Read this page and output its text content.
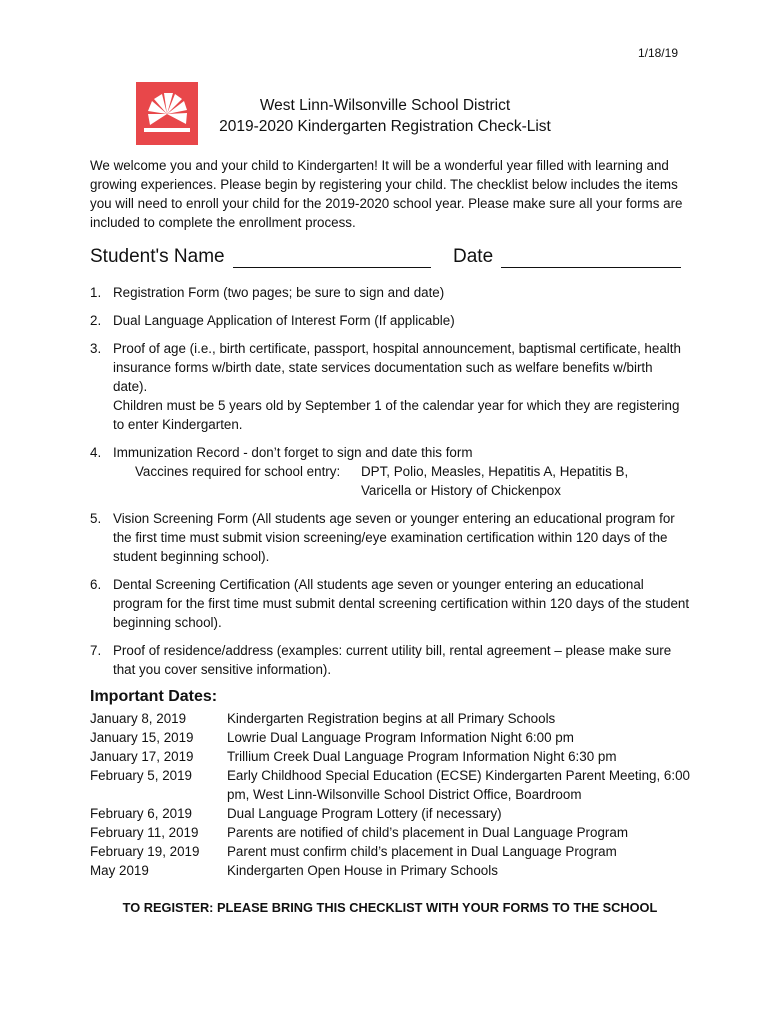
1/18/19
West Linn-Wilsonville School District
2019-2020 Kindergarten Registration Check-List
We welcome you and your child to Kindergarten! It will be a wonderful year filled with learning and growing experiences. Please begin by registering your child. The checklist below includes the items you will need to enroll your child for the 2019-2020 school year. Please make sure all your forms are included to complete the enrollment process.
Student's Name	Date
1. Registration Form (two pages; be sure to sign and date)
2. Dual Language Application of Interest Form (If applicable)
3. Proof of age (i.e., birth certificate, passport, hospital announcement, baptismal certificate, health insurance forms w/birth date, state services documentation such as welfare benefits w/birth date).
Children must be 5 years old by September 1 of the calendar year for which they are registering to enter Kindergarten.
4. Immunization Record - don’t forget to sign and date this form
Vaccines required for school entry:	DPT, Polio, Measles, Hepatitis A, Hepatitis B,
Varicella or History of Chickenpox
5. Vision Screening Form (All students age seven or younger entering an educational program for the first time must submit vision screening/eye examination certification within 120 days of the student beginning school).
6. Dental Screening Certification (All students age seven or younger entering an educational program for the first time must submit dental screening certification within 120 days of the student beginning school).
7. Proof of residence/address (examples: current utility bill, rental agreement – please make sure that you cover sensitive information).
Important Dates:
January 8, 2019	Kindergarten Registration begins at all Primary Schools
January 15, 2019	Lowrie Dual Language Program Information Night 6:00 pm
January 17, 2019	Trillium Creek Dual Language Program Information Night 6:30 pm
February 5, 2019	Early Childhood Special Education (ECSE) Kindergarten Parent Meeting, 6:00 pm, West Linn-Wilsonville School District Office, Boardroom
February 6, 2019	Dual Language Program Lottery (if necessary)
February 11, 2019	Parents are notified of child’s placement in Dual Language Program
February 19, 2019	Parent must confirm child’s placement in Dual Language Program
May 2019	Kindergarten Open House in Primary Schools
TO REGISTER: PLEASE BRING THIS CHECKLIST WITH YOUR FORMS TO THE SCHOOL
